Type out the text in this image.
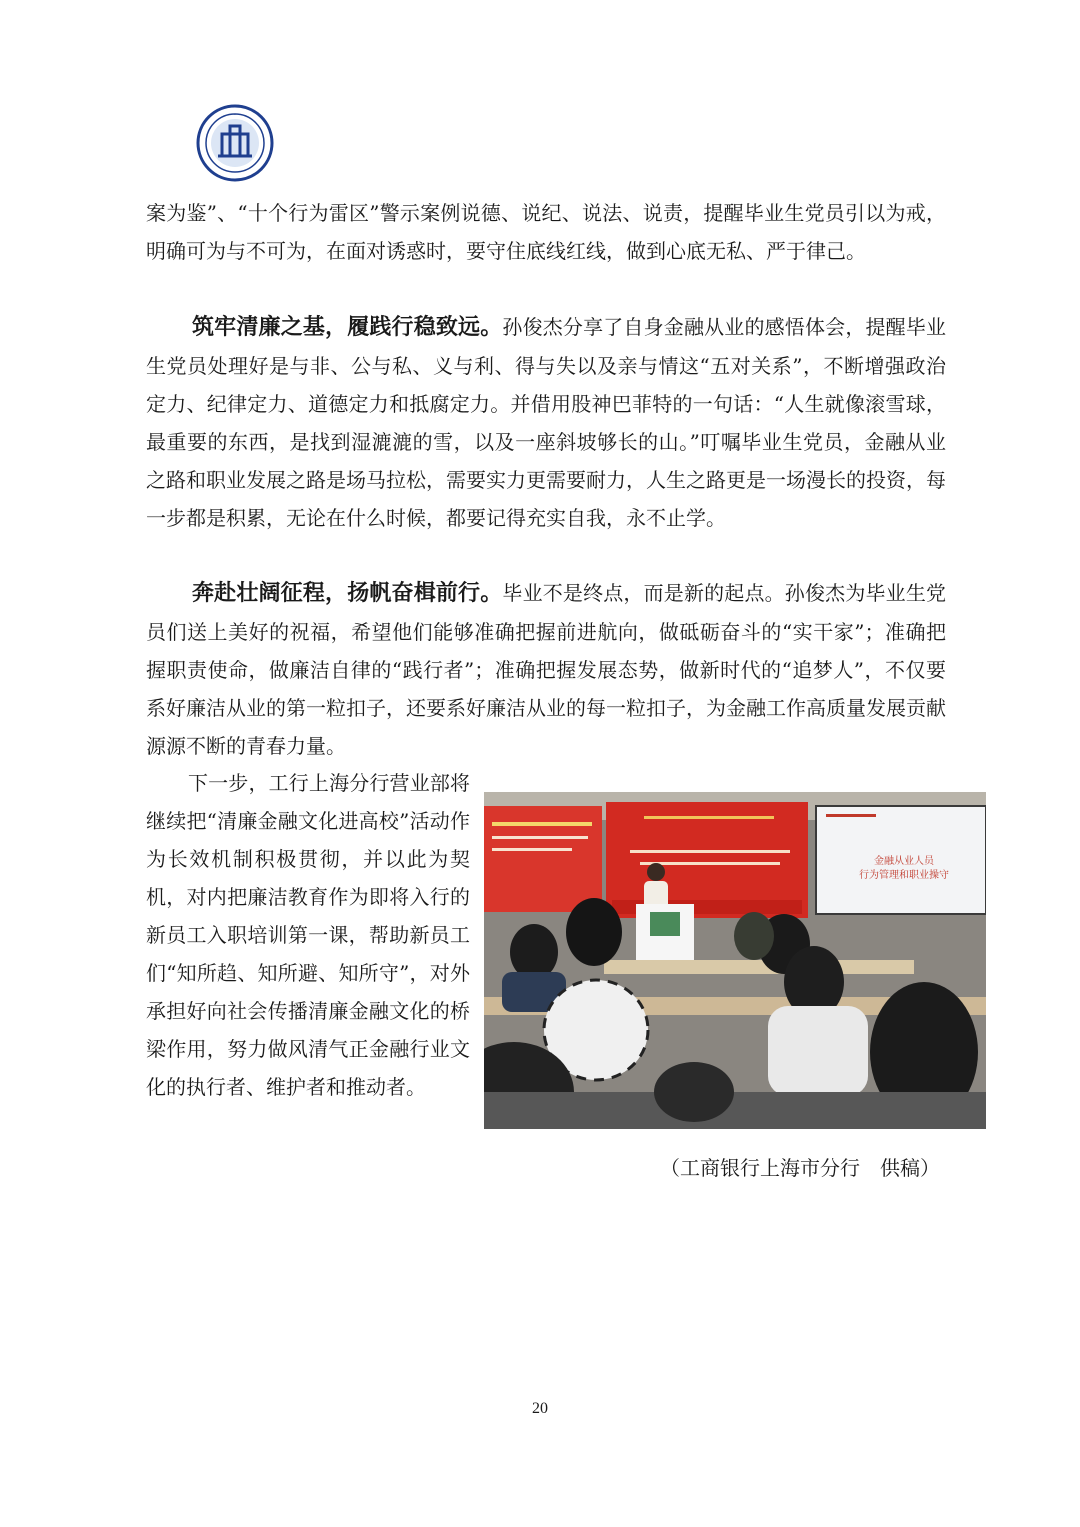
·

案为鉴”、“十个行为雷区”警示案例说德、说纪、说法、说责，提醒毕业生党员引以为戒，明确可为与不可为，在面对诱惑时，要守住底线红线，做到心底无私、严于律己。

筑牢清廉之基，履践行稳致远。孙俊杰分享了自身金融从业的感悟体会，提醒毕业生党员处理好是与非、公与私、义与利、得与失以及亲与情这“五对关系”，不断增强政治定力、纪律定力、道德定力和抵腐定力。并借用股神巴菲特的一句话：“人生就像滚雪球，最重要的东西，是找到湿漉漉的雪，以及一座斜坡够长的山。”叮嘱毕业生党员，金融从业之路和职业发展之路是场马拉松，需要实力更需要耐力，人生之路更是一场漫长的投资，每一步都是积累，无论在什么时候，都要记得充实自我，永不止学。

奔赴壮阔征程，扬帆奋楫前行。毕业不是终点，而是新的起点。孙俊杰为毕业生党员们送上美好的祝福，希望他们能够准确把握前进航向，做砥砺奋斗的“实干家”；准确把握职责使命，做廉洁自律的“践行者”；准确把握发展态势，做新时代的“追梦人”，不仅要系好廉洁从业的第一粒扣子，还要系好廉洁从业的每一粒扣子，为金融工作高质量发展贡献源源不断的青春力量。

下一步，工行上海分行营业部将继续把“清廉金融文化进高校”活动作为长效机制积极贯彻，并以此为契机，对内把廉洁教育作为即将入行的新员工入职培训第一课，帮助新员工们“知所趋、知所避、知所守”，对外承担好向社会传播清廉金融文化的桥梁作用，努力做风清气正金融行业文化的执行者、维护者和推动者。

金融从业人员
行为管理和职业操守
（工商银行上海市分行　供稿）
20
